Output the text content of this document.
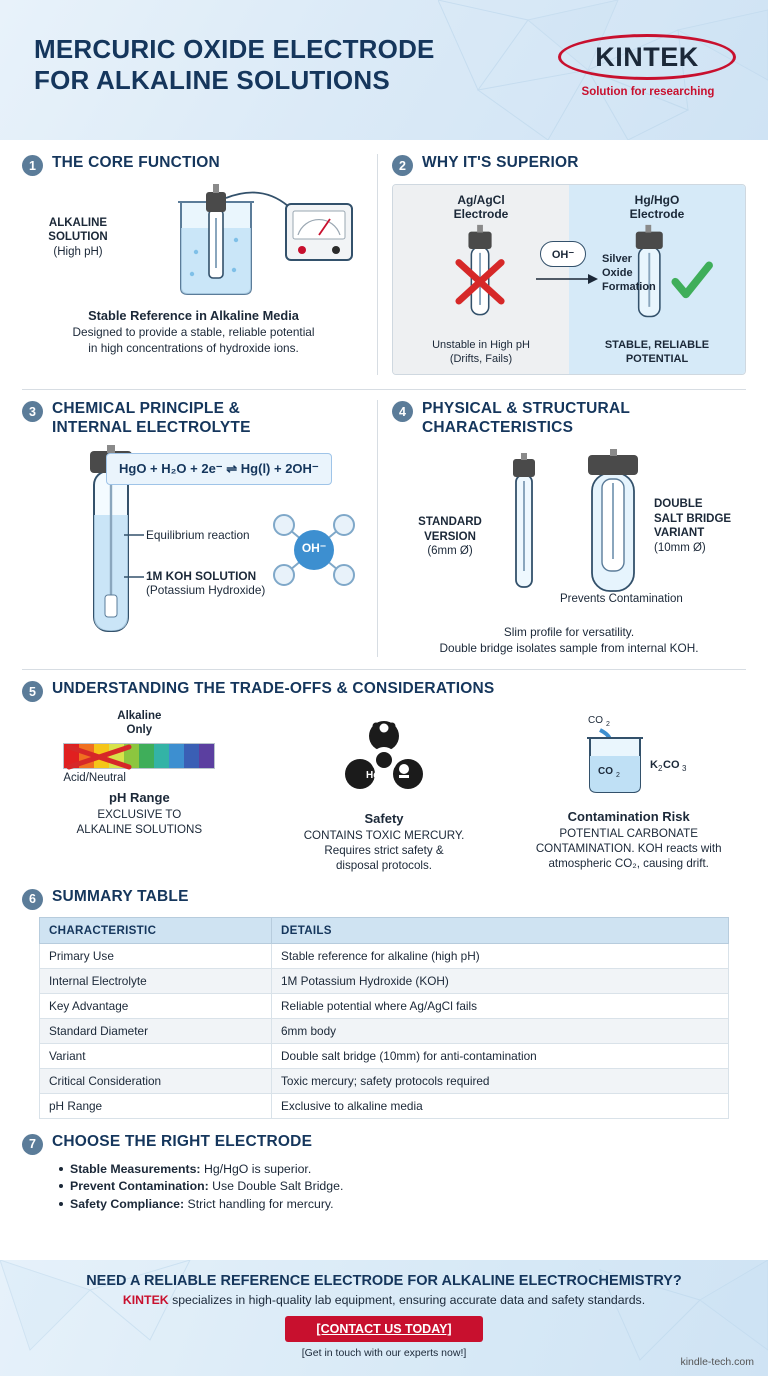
MERCURIC OXIDE ELECTRODE
FOR ALKALINE SOLUTIONS
KINTEK
Solution for researching
1	THE CORE FUNCTION
ALKALINE
SOLUTION
(High pH)
Stable Reference in Alkaline Media
Designed to provide a stable, reliable potential
in high concentrations of hydroxide ions.
2	WHY IT'S SUPERIOR
Ag/AgCl
Electrode
Unstable in High pH
(Drifts, Fails)
Hg/HgO
Electrode
STABLE, RELIABLE
POTENTIAL
OH⁻	Silver
Oxide
Formation
3	CHEMICAL PRINCIPLE &
INTERNAL ELECTROLYTE
Equilibrium reaction
1M KOH SOLUTION
(Potassium Hydroxide)
HgO + H₂O + 2e⁻ ⇌ Hg(l) + 2OH⁻
OH⁻
4	PHYSICAL & STRUCTURAL
CHARACTERISTICS
STANDARD
VERSION
(6mm Ø)
DOUBLE
SALT BRIDGE
VARIANT
(10mm Ø)
Prevents Contamination
Slim profile for versatility.
Double bridge isolates sample from internal KOH.
5	UNDERSTANDING THE TRADE-OFFS & CONSIDERATIONS
Alkaline
Only
Acid/Neutral
pH Range
EXCLUSIVE TO
ALKALINE SOLUTIONS
Hg
Safety
CONTAINS TOXIC MERCURY.
Requires strict safety &
disposal protocols.
CO 2
CO 2
K 2 CO 3
Contamination Risk
POTENTIAL CARBONATE
CONTAMINATION. KOH reacts with
atmospheric CO₂, causing drift.
6	SUMMARY TABLE
CHARACTERISTIC	DETAILS
Primary Use	Stable reference for alkaline (high pH)
Internal Electrolyte	1M Potassium Hydroxide (KOH)
Key Advantage	Reliable potential where Ag/AgCl fails
Standard Diameter	6mm body
Variant	Double salt bridge (10mm) for anti-contamination
Critical Consideration	Toxic mercury; safety protocols required
pH Range	Exclusive to alkaline media
7	CHOOSE THE RIGHT ELECTRODE
Stable Measurements: Hg/HgO is superior.
Prevent Contamination: Use Double Salt Bridge.
Safety Compliance: Strict handling for mercury.
NEED A RELIABLE REFERENCE ELECTRODE FOR ALKALINE ELECTROCHEMISTRY?
KINTEK specializes in high-quality lab equipment, ensuring accurate data and safety standards.
[CONTACT US TODAY]
[Get in touch with our experts now!]
kindle-tech.com
